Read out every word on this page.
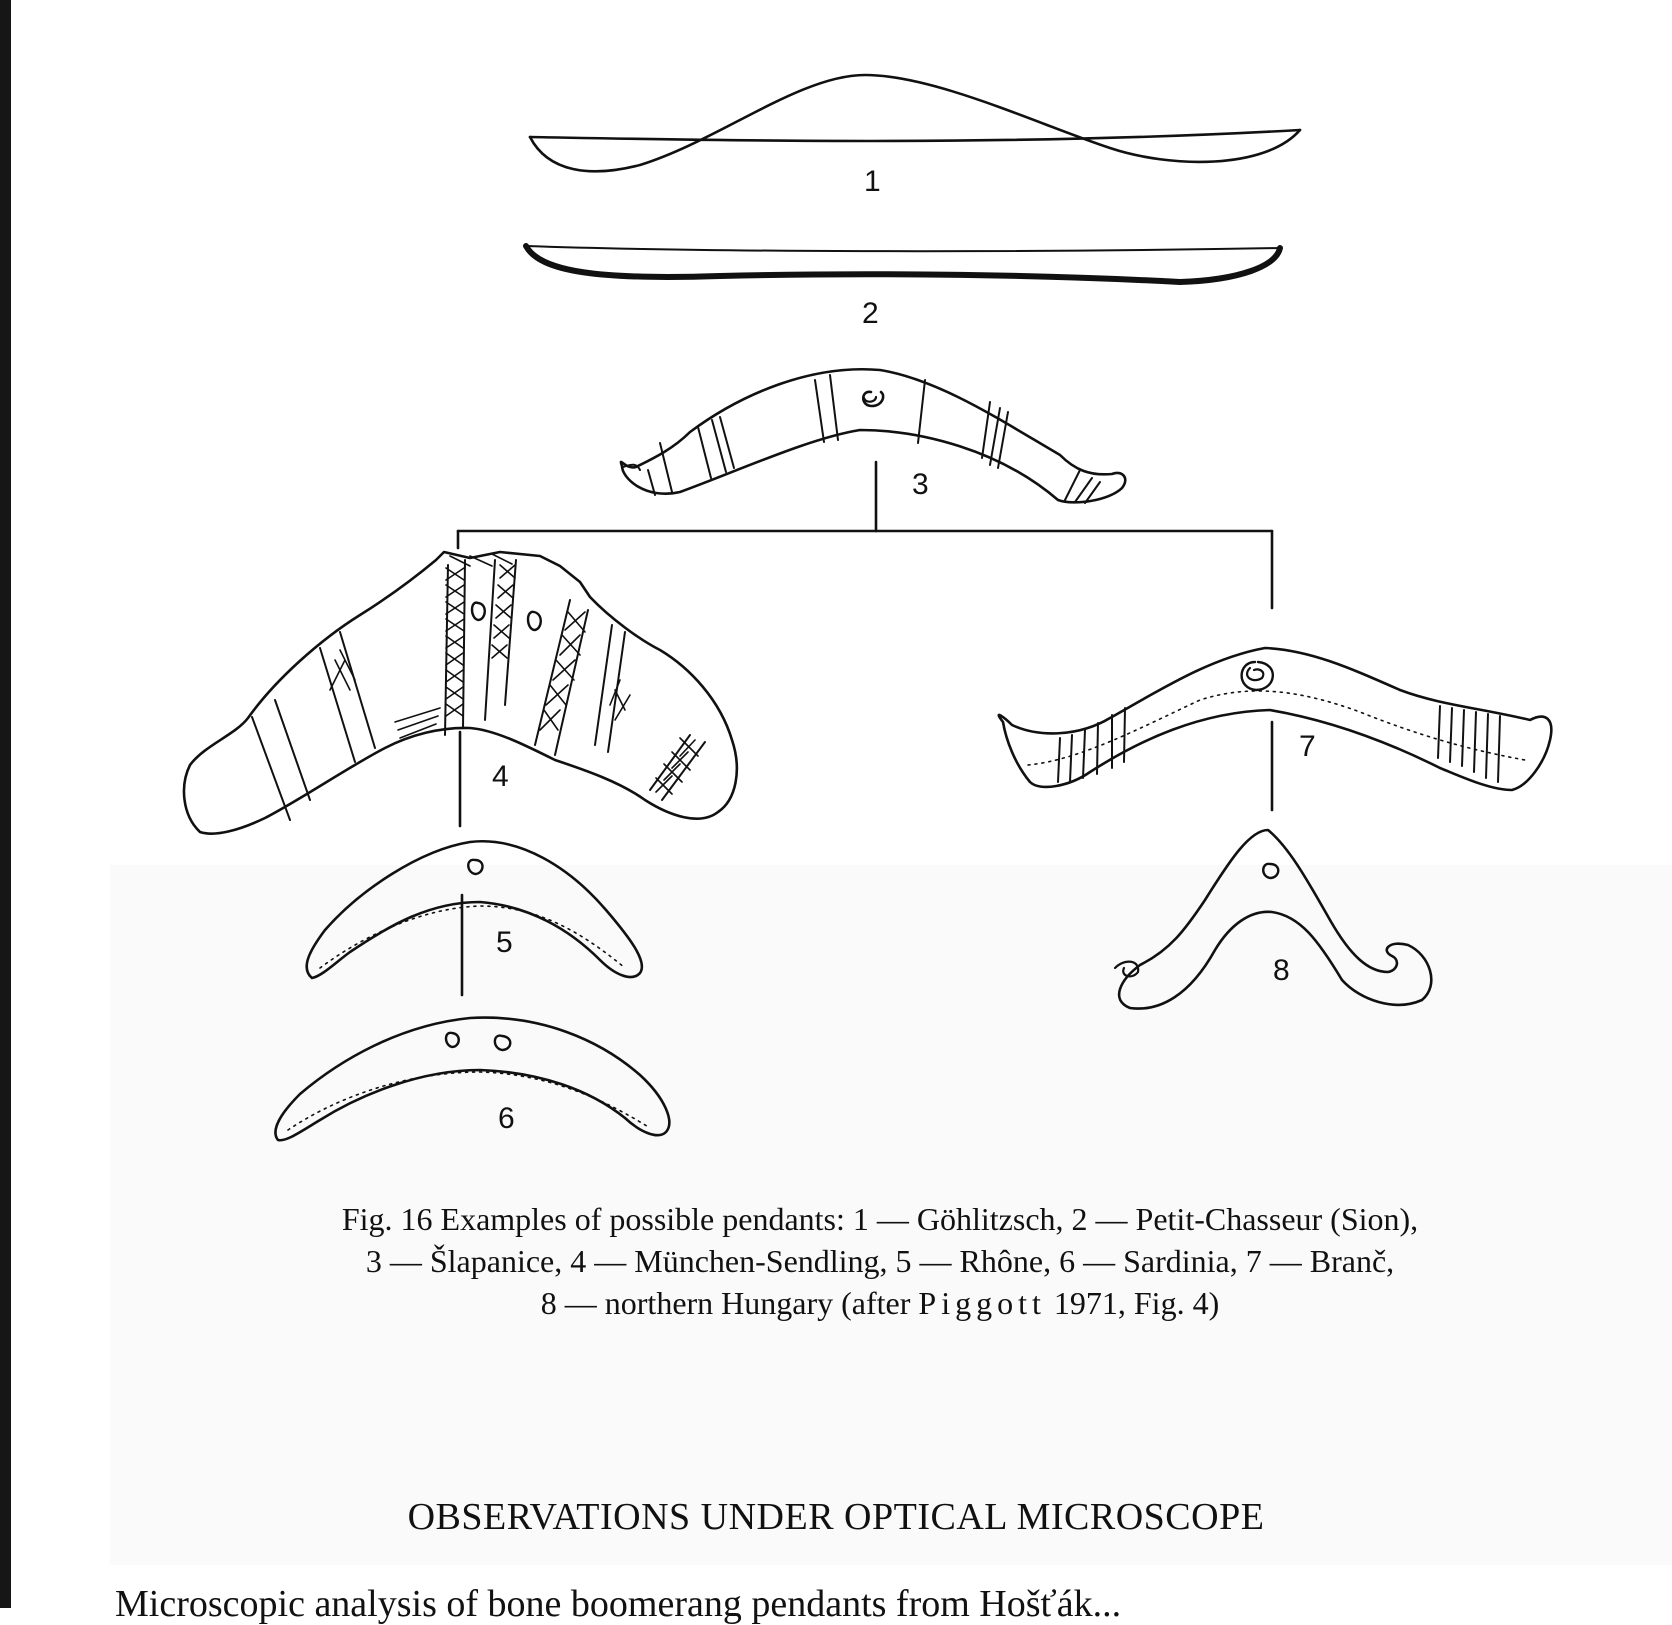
1
2
3
4
5
6
7
8
Fig. 16 Examples of possible pendants: 1 — Göhlitzsch, 2 — Petit-Chasseur (Sion),
3 — Šlapanice, 4 — München-Sendling, 5 — Rhône, 6 — Sardinia, 7 — Branč,
8 — northern Hungary (after Piggott 1971, Fig. 4)
OBSERVATIONS UNDER OPTICAL MICROSCOPE
Microscopic analysis of bone boomerang pendants from Hošťák...
